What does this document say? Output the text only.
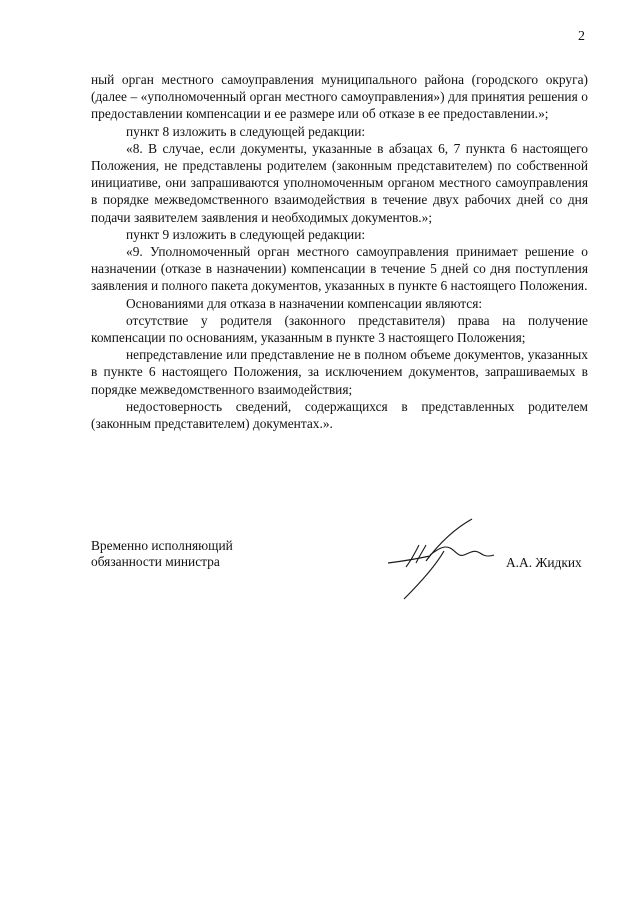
2

ный орган местного самоуправления муниципального района (городского округа) (далее – «уполномоченный орган местного самоуправления») для принятия решения о предоставлении компенсации и ее размере или об отказе в ее предоставлении.»;

пункт 8 изложить в следующей редакции:

«8. В случае, если документы, указанные в абзацах 6, 7 пункта 6 настоящего Положения, не представлены родителем (законным представителем) по собственной инициативе, они запрашиваются уполномоченным органом местного самоуправления в порядке межведомственного взаимодействия в течение двух рабочих дней со дня подачи заявителем заявления и необходимых документов.»;

пункт 9 изложить в следующей редакции:

«9. Уполномоченный орган местного самоуправления принимает решение о назначении (отказе в назначении) компенсации в течение 5 дней со дня поступления заявления и полного пакета документов, указанных в пункте 6 настоящего Положения.

Основаниями для отказа в назначении компенсации являются:

отсутствие у родителя (законного представителя) права на получение компенсации по основаниям, указанным в пункте 3 настоящего Положения;

непредставление или представление не в полном объеме документов, указанных в пункте 6 настоящего Положения, за исключением документов, запрашиваемых в порядке межведомственного взаимодействия;

недостоверность сведений, содержащихся в представленных родителем (законным представителем) документах.».

Временно исполняющий
обязанности министра	А.А. Жидких
